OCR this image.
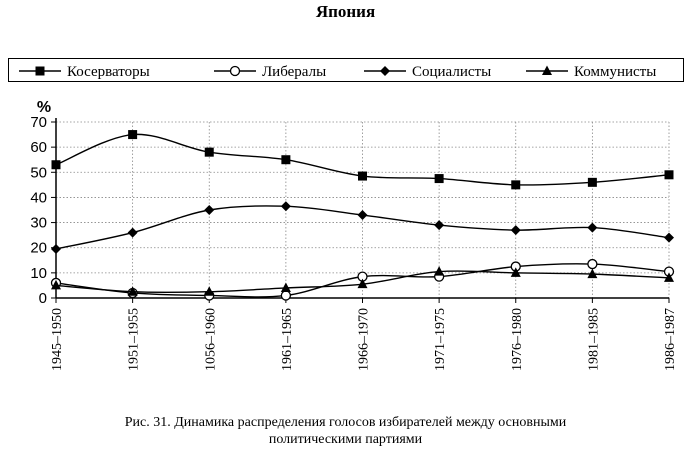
Япония
Косерваторы	Либералы	Социалисты	Коммунисты
0
10
20
30
40
50
60
70
1945–1950	1951–1955	1056–1960	1961–1965	1966–1970	1971–1975	1976–1980	1981–1985	1986–1987
%
Рис. 31. Динамика распределения голосов избирателей между основными
политическими партиями
